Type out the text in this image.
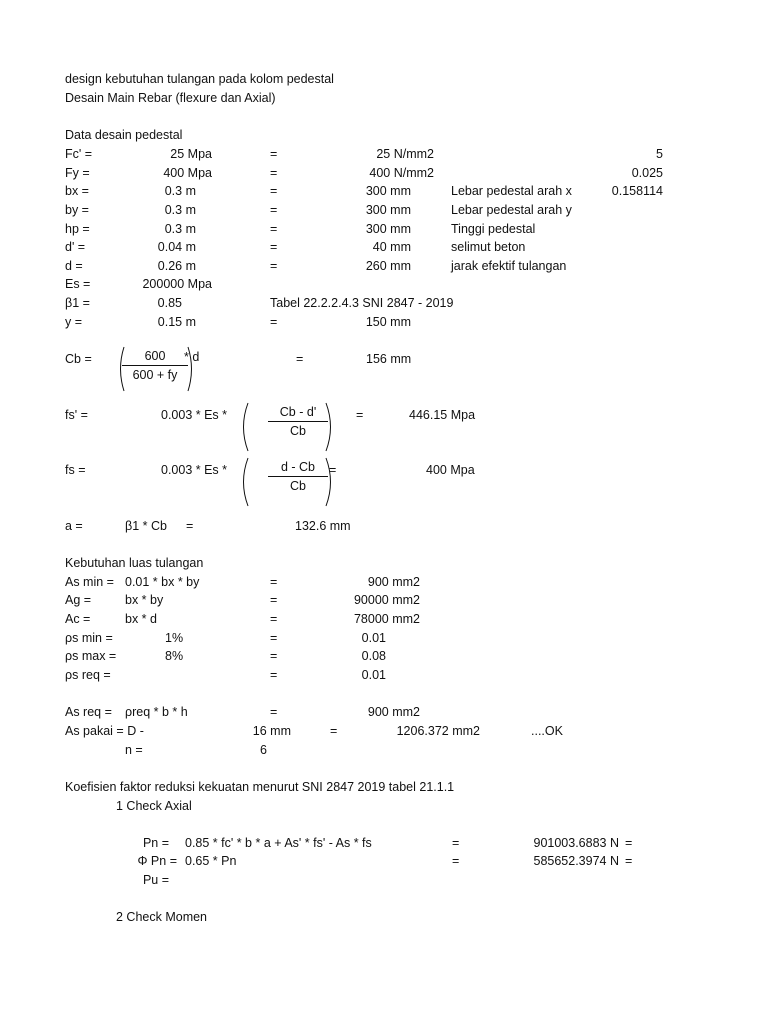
design kebutuhan tulangan pada kolom pedestal
Desain Main Rebar (flexure dan Axial)
Data desain pedestal
Fc' =	25 Mpa	=	25 N/mm2	5
Fy =	400 Mpa	=	400 N/mm2	0.025
bx =	0.3 m	=	300 mm	Lebar pedestal arah x	0.158114
by =	0.3 m	=	300 mm	Lebar pedestal arah y
hp =	0.3 m	=	300 mm	Tinggi pedestal
d' =	0.04 m	=	40 mm	selimut beton
d =	0.26 m	=	260 mm	jarak efektif tulangan
Es =	200000 Mpa
β1 =	0.85	Tabel 22.2.2.4.3 SNI 2847 - 2019
y =	0.15 m	=	150 mm
Cb =	600
600 + fy
* d	=	156 mm
fs' =	0.003 * Es *	Cb - d'
Cb
=	446.15 Mpa
fs =	0.003 * Es *	d - Cb
Cb
=	400 Mpa
a =	β1 * Cb =	132.6 mm
Kebutuhan luas tulangan
As min = 0.01 * bx * by	=	900 mm2
Ag =	bx * by	=	90000 mm2
Ac =	bx * d	=	78000 mm2
ρs min =	1%	=	0.01
ρs max =	8%	=	0.08
ρs req =	=	0.01
As req = ρreq * b * h	=	900 mm2
As pakai = D -	16 mm	=	1206.372 mm2	....OK
n =	6
Koefisien faktor reduksi kekuatan menurut SNI 2847 2019 tabel 21.1.1
1 Check Axial
Pn = 0.85 * fc' * b * a + As' * fs' - As * fs	=	901003.6883 N =
Φ Pn = 0.65 * Pn	=	585652.3974 N =
Pu =
2 Check Momen
